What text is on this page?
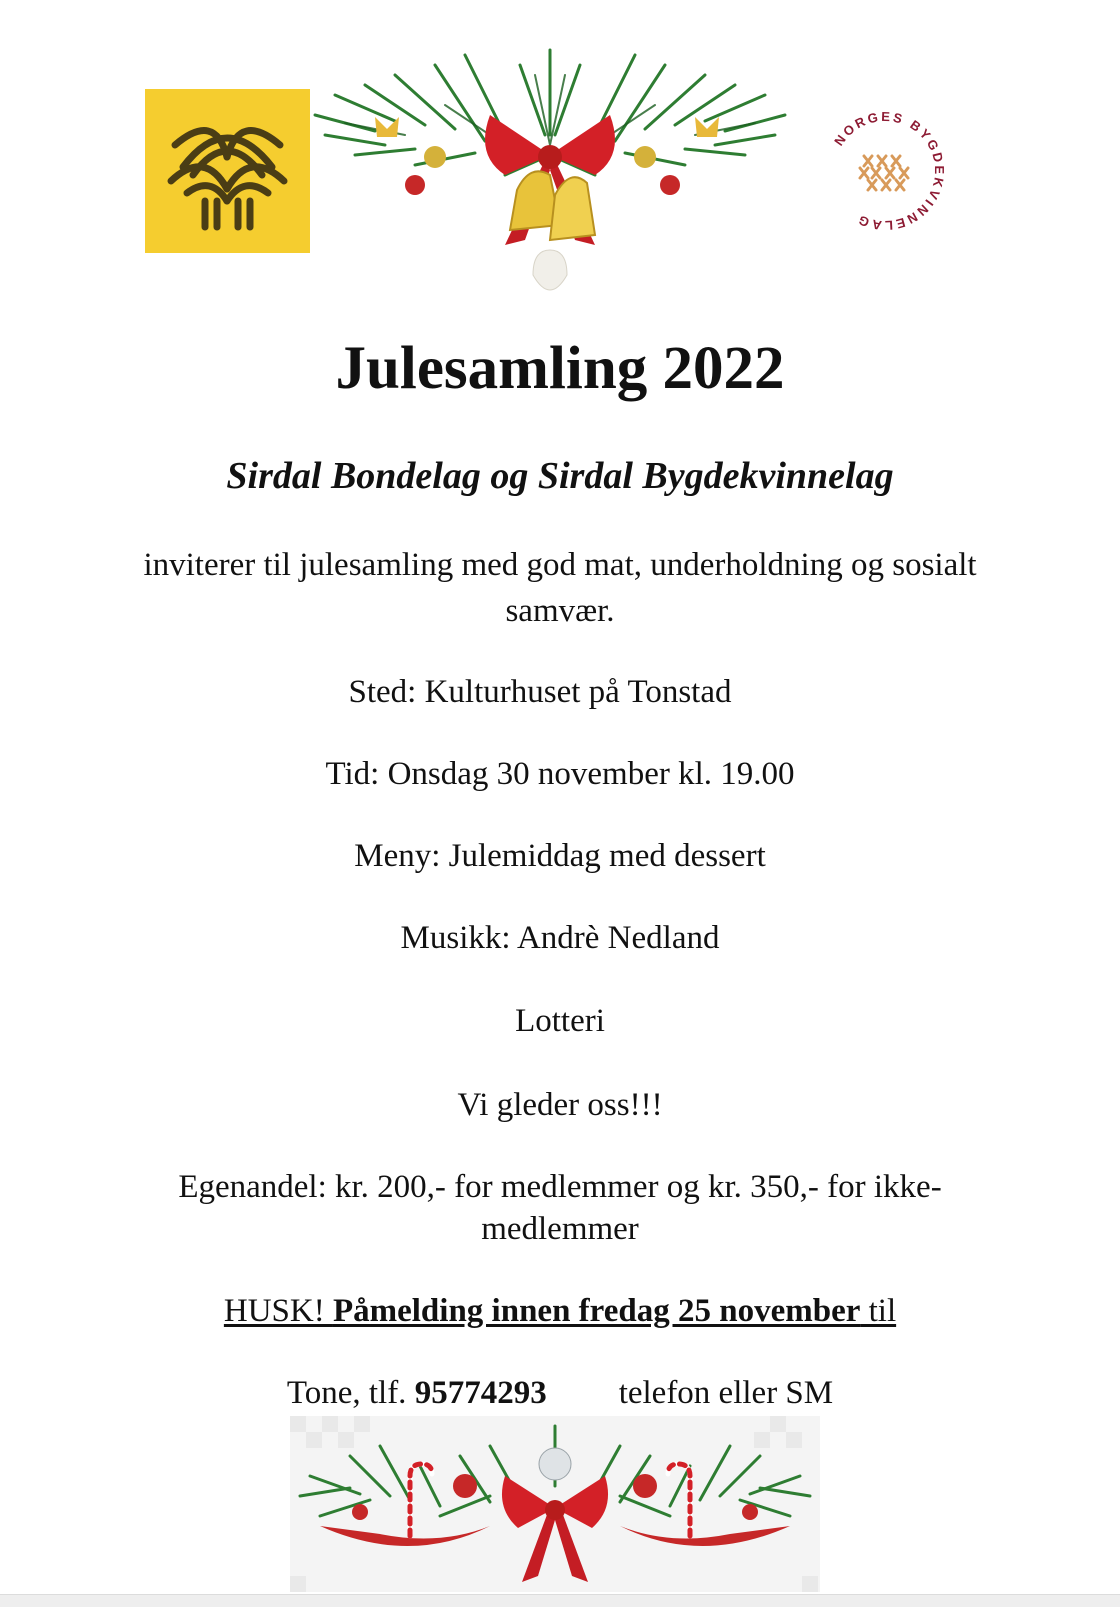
NORGES BYGDEKVINNELAG
Julesamling 2022
Sirdal Bondelag og Sirdal Bygdekvinnelag
inviterer til julesamling med god mat, underholdning og sosialt samvær.
Sted: Kulturhuset på Tonstad
Tid: Onsdag 30 november kl. 19.00
Meny: Julemiddag med dessert
Musikk: Andrè Nedland
Lotteri
Vi gleder oss!!!
Egenandel: kr. 200,- for medlemmer og kr. 350,- for ikke-medlemmer
HUSK! Påmelding innen fredag 25 november til
Tone, tlf. 95774293 telefon eller SM
